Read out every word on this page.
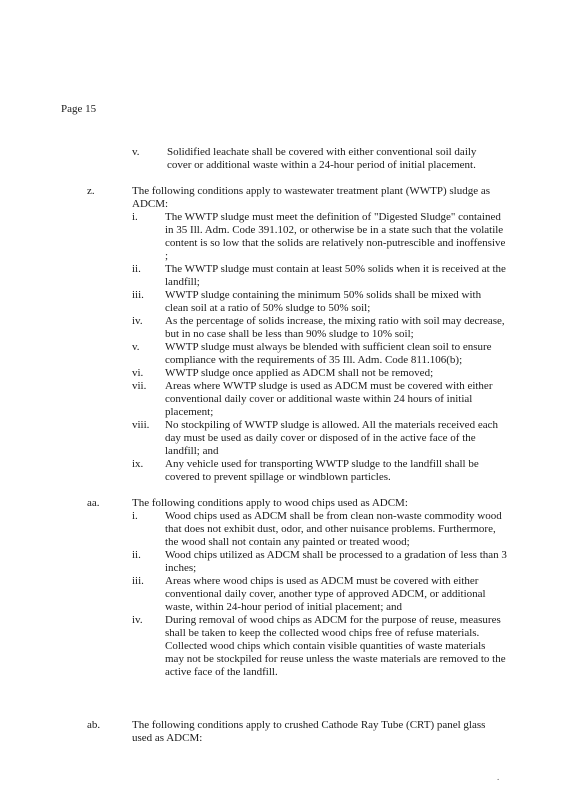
Page 15
v. Solidified leachate shall be covered with either conventional soil daily cover or additional waste within a 24-hour period of initial placement.
z.	The following conditions apply to wastewater treatment plant (WWTP) sludge as ADCM:
i. The WWTP sludge must meet the definition of "Digested Sludge" contained in 35 Ill. Adm. Code 391.102, or otherwise be in a state such that the volatile content is so low that the solids are relatively non-putrescible and inoffensive ;
ii. The WWTP sludge must contain at least 50% solids when it is received at the landfill;
iii. WWTP sludge containing the minimum 50% solids shall be mixed with clean soil at a ratio of 50% sludge to 50% soil;
iv. As the percentage of solids increase, the mixing ratio with soil may decrease, but in no case shall be less than 90% sludge to 10% soil;
v. WWTP sludge must always be blended with sufficient clean soil to ensure compliance with the requirements of 35 Ill. Adm. Code 811.106(b);
vi. WWTP sludge once applied as ADCM shall not be removed;
vii. Areas where WWTP sludge is used as ADCM must be covered with either conventional daily cover or additional waste within 24 hours of initial placement;
viii. No stockpiling of WWTP sludge is allowed. All the materials received each day must be used as daily cover or disposed of in the active face of the landfill; and
ix. Any vehicle used for transporting WWTP sludge to the landfill shall be covered to prevent spillage or windblown particles.
aa.	The following conditions apply to wood chips used as ADCM:
i. Wood chips used as ADCM shall be from clean non-waste commodity wood that does not exhibit dust, odor, and other nuisance problems. Furthermore, the wood shall not contain any painted or treated wood;
ii. Wood chips utilized as ADCM shall be processed to a gradation of less than 3 inches;
iii. Areas where wood chips is used as ADCM must be covered with either conventional daily cover, another type of approved ADCM, or additional waste, within 24-hour period of initial placement; and
iv. During removal of wood chips as ADCM for the purpose of reuse, measures shall be taken to keep the collected wood chips free of refuse materials. Collected wood chips which contain visible quantities of waste materials may not be stockpiled for reuse unless the waste materials are removed to the active face of the landfill.
ab.	The following conditions apply to crushed Cathode Ray Tube (CRT) panel glass used as ADCM:
.
